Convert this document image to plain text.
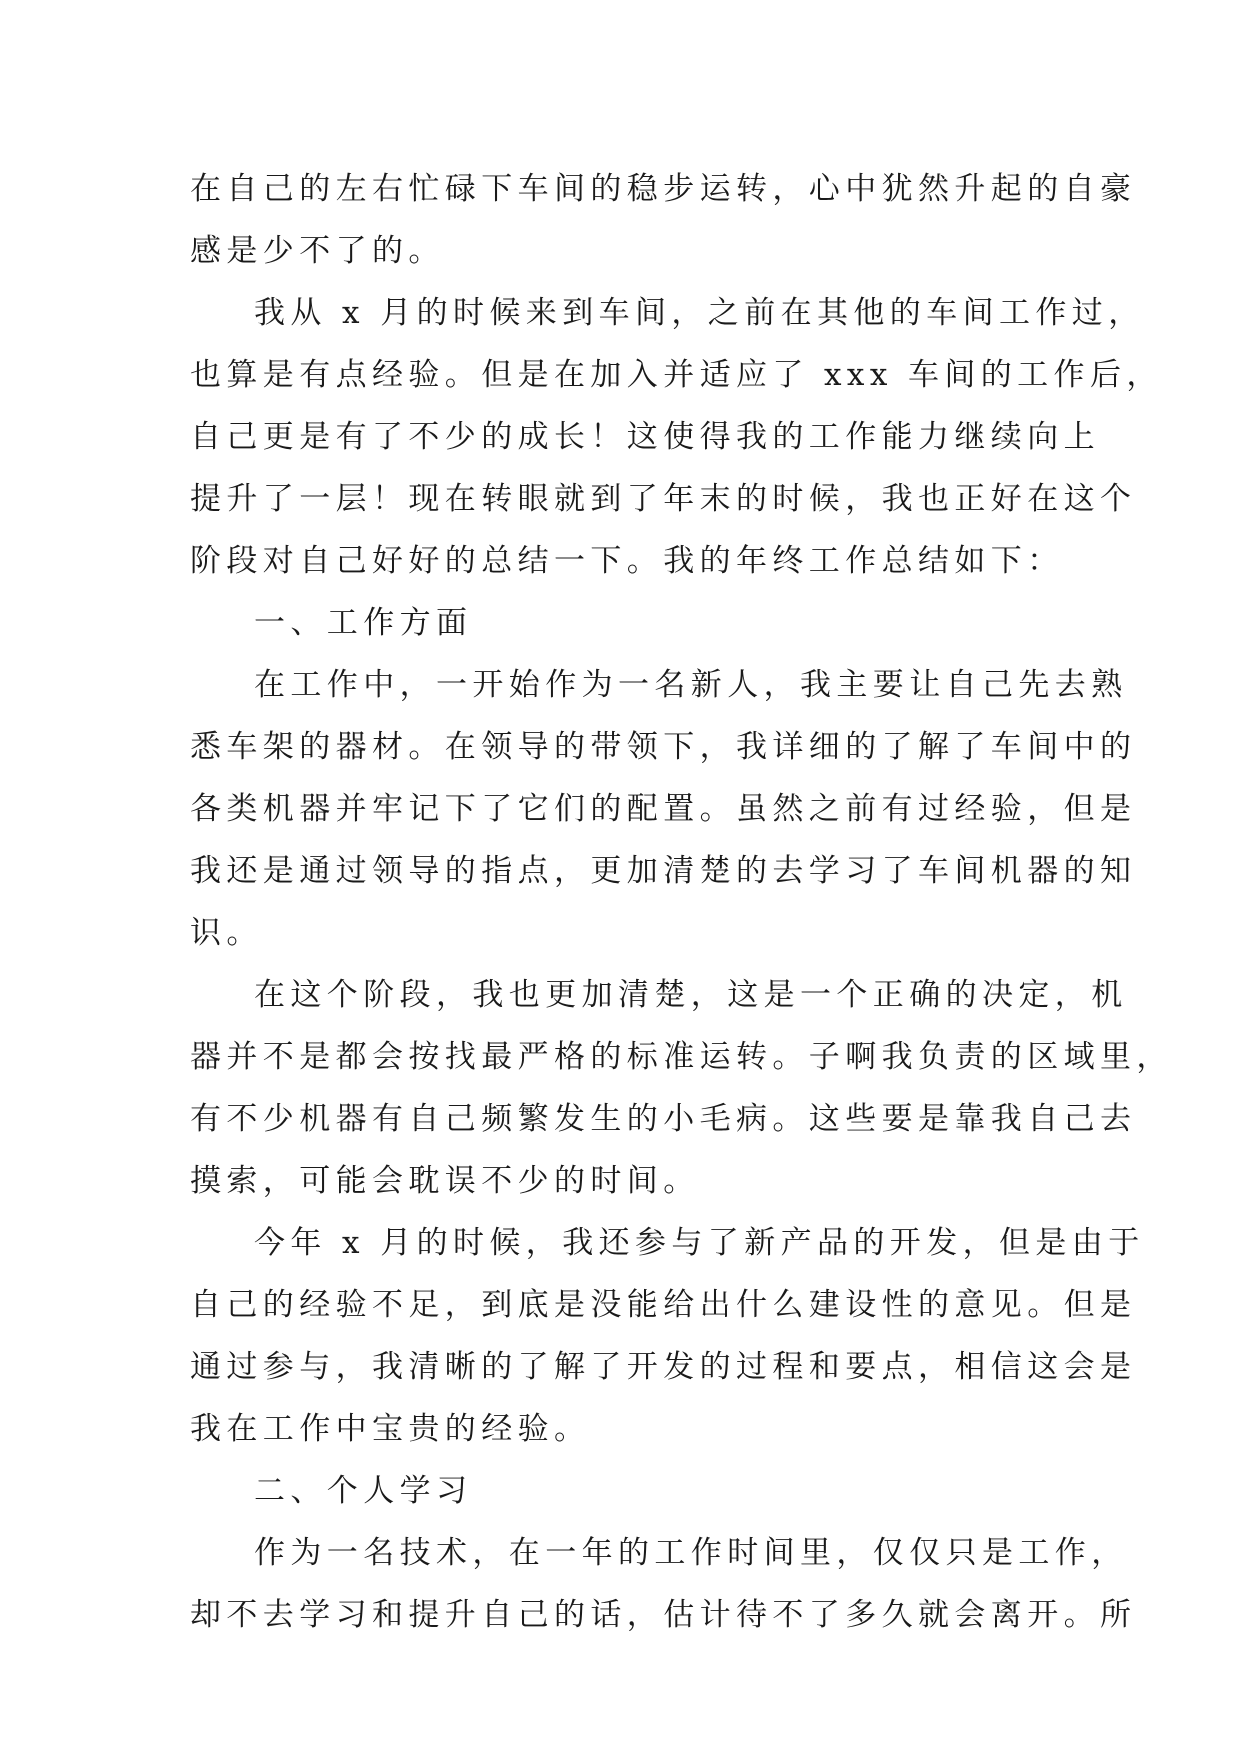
在自己的左右忙碌下车间的稳步运转，心中犹然升起的自豪
感是少不了的。
我从 x 月的时候来到车间，之前在其他的车间工作过，
也算是有点经验。但是在加入并适应了 xxx 车间的工作后，
自己更是有了不少的成长！这使得我的工作能力继续向上
提升了一层！现在转眼就到了年末的时候，我也正好在这个
阶段对自己好好的总结一下。我的年终工作总结如下：
一、工作方面
在工作中，一开始作为一名新人，我主要让自己先去熟
悉车架的器材。在领导的带领下，我详细的了解了车间中的
各类机器并牢记下了它们的配置。虽然之前有过经验，但是
我还是通过领导的指点，更加清楚的去学习了车间机器的知
识。
在这个阶段，我也更加清楚，这是一个正确的决定，机
器并不是都会按找最严格的标准运转。子啊我负责的区域里，
有不少机器有自己频繁发生的小毛病。这些要是靠我自己去
摸索，可能会耽误不少的时间。
今年 x 月的时候，我还参与了新产品的开发，但是由于
自己的经验不足，到底是没能给出什么建设性的意见。但是
通过参与，我清晰的了解了开发的过程和要点，相信这会是
我在工作中宝贵的经验。
二、个人学习
作为一名技术，在一年的工作时间里，仅仅只是工作，
却不去学习和提升自己的话，估计待不了多久就会离开。所
